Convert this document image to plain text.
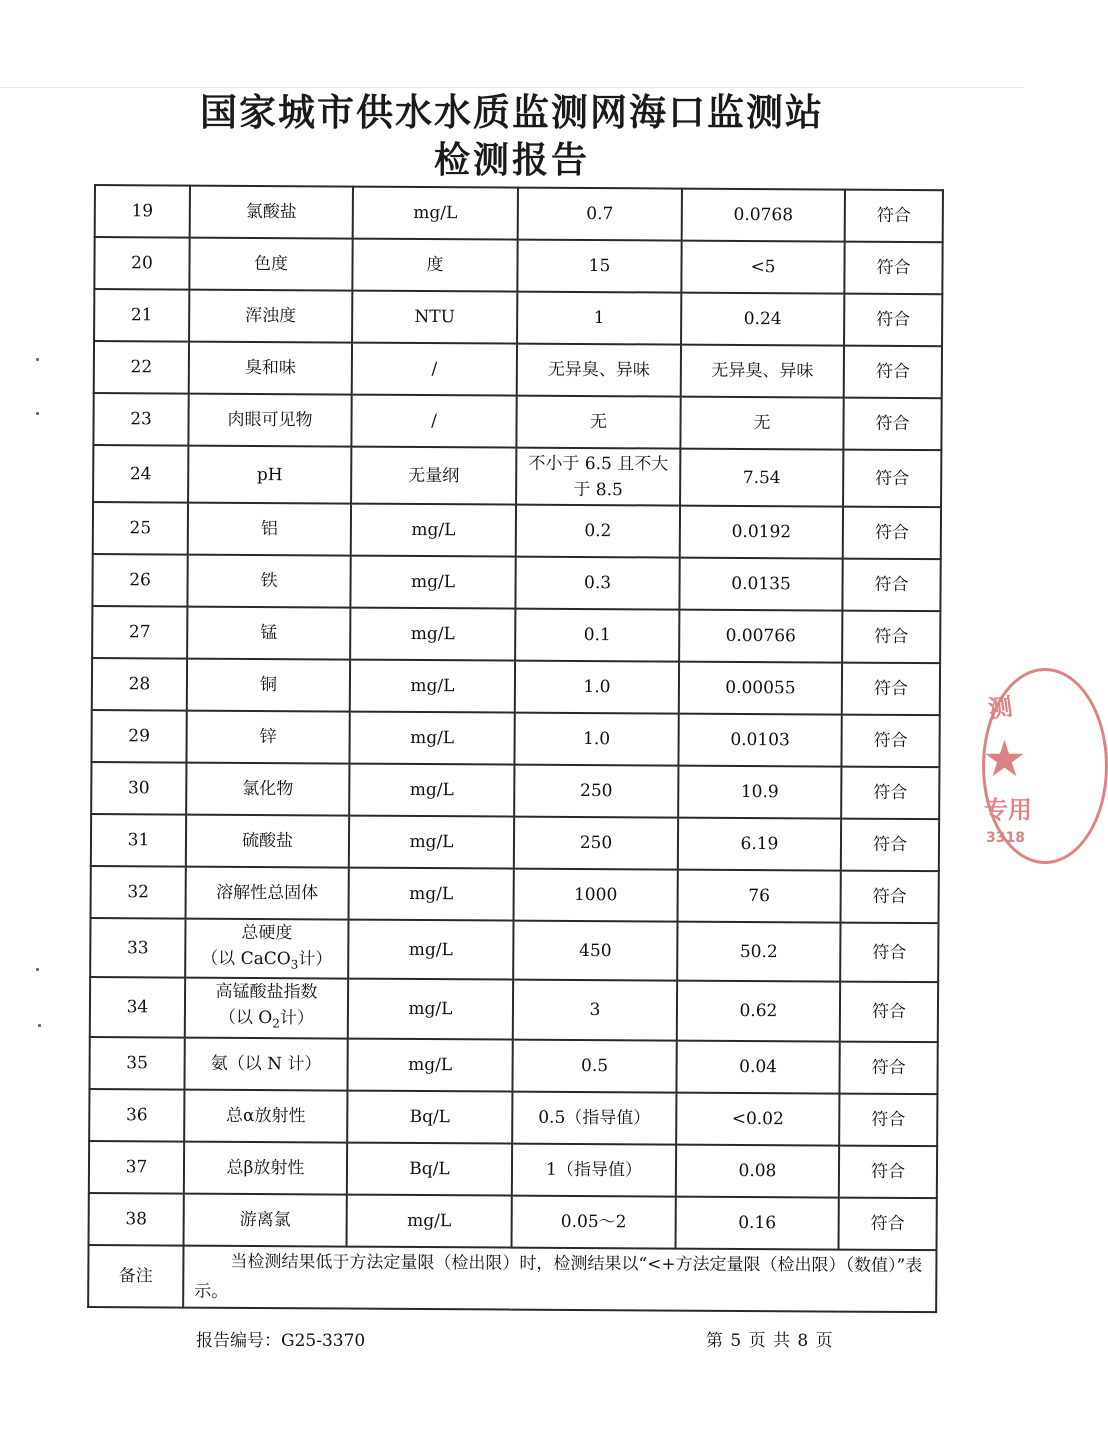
国家城市供水水质监测网海口监测站
检测报告
19	氯酸盐	mg/L	0.7	0.0768	符合
20	色度	度	15	<5	符合
21	浑浊度	NTU	1	0.24	符合
22	臭和味	/	无异臭、异味	无异臭、异味	符合
23	肉眼可见物	/	无	无	符合
24	pH	无量纲	不小于 6.5 且不大于 8.5	7.54	符合
25	铝	mg/L	0.2	0.0192	符合
26	铁	mg/L	0.3	0.0135	符合
27	锰	mg/L	0.1	0.00766	符合
28	铜	mg/L	1.0	0.00055	符合
29	锌	mg/L	1.0	0.0103	符合
30	氯化物	mg/L	250	10.9	符合
31	硫酸盐	mg/L	250	6.19	符合
32	溶解性总固体	mg/L	1000	76	符合
33	总硬度
（以 CaCO$_3$计）	mg/L	450	50.2	符合
34	高锰酸盐指数
（以 $O_2$计）	mg/L	3	0.62	符合
35	氨（以 N 计）	mg/L	0.5	0.04	符合
36	总α放射性	Bq/L	0.5（指导值）	<0.02	符合
37	总β放射性	Bq/L	1（指导值）	0.08	符合
38	游离氯	mg/L	0.05～2	0.16	符合
备注	当检测结果低于方法定量限（检出限）时，检测结果以“<+方法定量限（检出限）（数值）”表示。				
报告编号：G25-3370	第 5 页 共 8 页
测
★
专用
3318
